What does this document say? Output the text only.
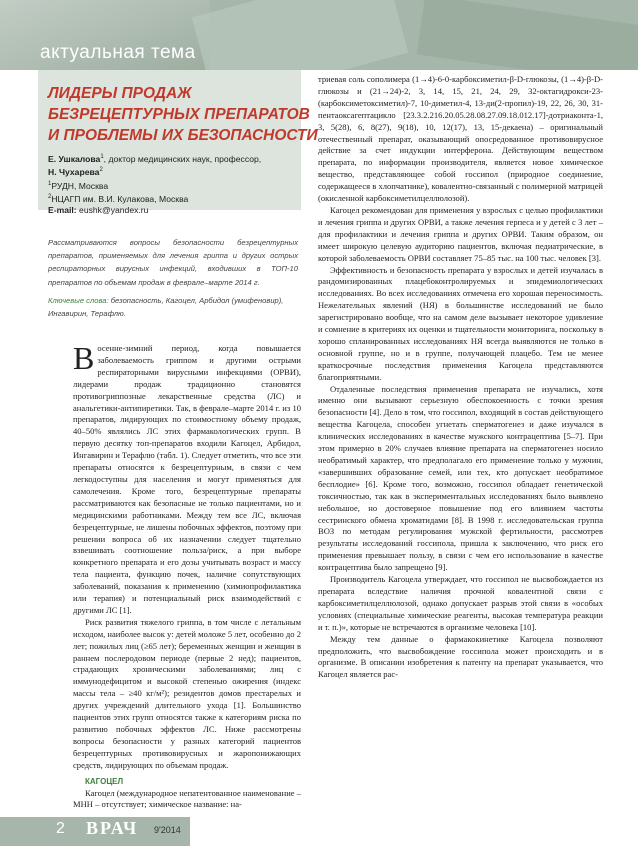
актуальная тема
ЛИДЕРЫ ПРОДАЖ
БЕЗРЕЦЕПТУРНЫХ ПРЕПАРАТОВ
И ПРОБЛЕМЫ ИХ БЕЗОПАСНОСТИ
Е. Ушкалова$^1$, доктор медицинских наук, профессор,
Н. Чухарева$^2$
$^1$РУДН, Москва
$^2$НЦАГП им. В.И. Кулакова, Москва
E-mail: eushk@yandex.ru
Рассматриваются вопросы безопасности безрецептурных препаратов, применяемых для лечения гриппа и других острых респираторных вирусных инфекций, входивших в ТОП-10 препаратов по объемам продаж в феврале–марте 2014 г.
Ключевые слова: безопасность, Кагоцел, Арбидол (умифеновир), Ингавирин, Терафлю.

Восенне-зимний период, когда повышается заболеваемость гриппом и другими острыми респираторными вирусными инфекциями (ОРВИ), лидерами продаж традиционно становятся противогриппозные лекарственные средства (ЛС) и анальгетики-антипиретики. Так, в феврале–марте 2014 г. из 10 препаратов, лидирующих по стоимостному объему продаж, 40–50% являлись ЛС этих фармакологических групп. В первую десятку топ-препаратов входили Кагоцел, Арбидол, Ингавирин и Терафлю (табл. 1). Следует отметить, что все эти препараты относятся к безрецептурным, в связи с чем легкодоступны для населения и могут применяться для самолечения. Кроме того, безрецептурные препараты рассматриваются как безопасные не только пациентами, но и медицинскими работниками. Между тем все ЛС, включая безрецептурные, не лишены побочных эффектов, поэтому при решении вопроса об их назначении следует тщательно взвешивать соотношение польза/риск, а при выборе конкретного препарата и его дозы учитывать возраст и массу тела пациента, функцию почек, наличие сопутствующих заболеваний, показания к применению (химиопрофилактика или терапия) и потенциальный риск взаимодействий с другими ЛС [1].

Риск развития тяжелого гриппа, в том числе с летальным исходом, наиболее высок у: детей моложе 5 лет, особенно до 2 лет; пожилых лиц (≥65 лет); беременных женщин и женщин в раннем послеродовом периоде (первые 2 нед); пациентов, страдающих хроническими заболеваниями; лиц с иммунодефицитом и высокой степенью ожирения (индекс массы тела – ≥40 кг/м²); резидентов домов престарелых и других учреждений длительного ухода [1]. Большинство пациентов этих групп относятся также к категориям риска по развитию побочных эффектов ЛС. Ниже рассмотрены вопросы безопасности у разных категорий пациентов безрецептурных противовирусных и жаропонижающих средств, лидирующих по объемам продаж.

КАГОЦЕЛ

Кагоцел (международное непатентованное наименование – МНН – отсутствует; химическое название: на-

триевая соль сополимера (1→4)-6-0-карбоксиметил-β-D-глюкозы, (1→4)-β-D-глюкозы и (21→24)-2, 3, 14, 15, 21, 24, 29, 32-октагидрокси-23-(карбоксиметоксиметил)-7, 10-диметил-4, 13-ди(2-пропил)-19, 22, 26, 30, 31-пентаоксагептацикло [23.3.2.216.20.05.28.08.27.09.18.012.17]-дотриаконта-1, 3, 5(28), 6, 8(27), 9(18), 10, 12(17), 13, 15-декаена) – оригинальный отечественный препарат, оказывающий опосредованное противовирусное действие за счет индукции интерферона. Действующим веществом препарата, по информации производителя, является новое химическое вещество, представляющее собой госсипол (природное соединение, содержащееся в хлопчатнике), ковалентно-связанный с полимерной матрицей (окисленной карбоксиметилцеллюлозой).

Кагоцел рекомендован для применения у взрослых с целью профилактики и лечения гриппа и других ОРВИ, а также лечения герпеса и у детей с 3 лет – для профилактики и лечения гриппа и других ОРВИ. Таким образом, он имеет широкую целевую аудиторию пациентов, включая педиатрические, в которой заболеваемость ОРВИ составляет 75–85 тыс. на 100 тыс. человек [3].

Эффективность и безопасность препарата у взрослых и детей изучалась в рандомизированных плацебоконтролируемых и эпидемиологических исследованиях. Во всех исследованиях отмечена его хорошая переносимость. Нежелательных явлений (НЯ) в большинстве исследований не было зарегистрировано вообще, что на самом деле вызывает некоторое удивление и сомнение в критериях их оценки и тщательности мониторинга, поскольку в хорошо спланированных исследованиях НЯ всегда выявляются не только в основной группе, но и в группе, получающей плацебо. Тем не менее краткосрочные последствия применения Кагоцела представляются благоприятными.

Отдаленные последствия применения препарата не изучались, хотя именно они вызывают серьезную обеспокоенность с точки зрения безопасности [4]. Дело в том, что госсипол, входящий в состав действующего вещества Кагоцела, способен угнетать сперматогенез и даже изучался в клинических исследованиях в качестве мужского контрацептива [5–7]. При этом примерно в 20% случаев влияние препарата на сперматогенез носило необратимый характер, что предполагало его применение только у мужчин, «завершивших образование семей, или тех, кто допускает необратимое бесплодие» [6]. Кроме того, возможно, госсипол обладает генетической токсичностью, так как в экспериментальных исследованиях было выявлено небольшое, но достоверное повышение под его влиянием частоты сестринского обмена хроматидами [8]. В 1998 г. исследовательская группа ВОЗ по методам регулирования мужской фертильности, рассмотрев результаты исследований госсипола, пришла к заключению, что риск его применения превышает пользу, в связи с чем его использование в качестве контрацептива было запрещено [9].

Производитель Кагоцела утверждает, что госсипол не высвобождается из препарата вследствие наличия прочной ковалентной связи с карбоксиметилцеллюлозой, однако допускает разрыв этой связи в «особых условиях (специальные химические реагенты, высокая температура реакции и т. п.)», которые не встречаются в организме человека [10].

Между тем данные о фармакокинетике Кагоцела позволяют предположить, что высвобождение госсипола может происходить и в организме. В описании изобретения к патенту на препарат указывается, что Кагоцел является рас-

2 ВРАЧ 9'2014
